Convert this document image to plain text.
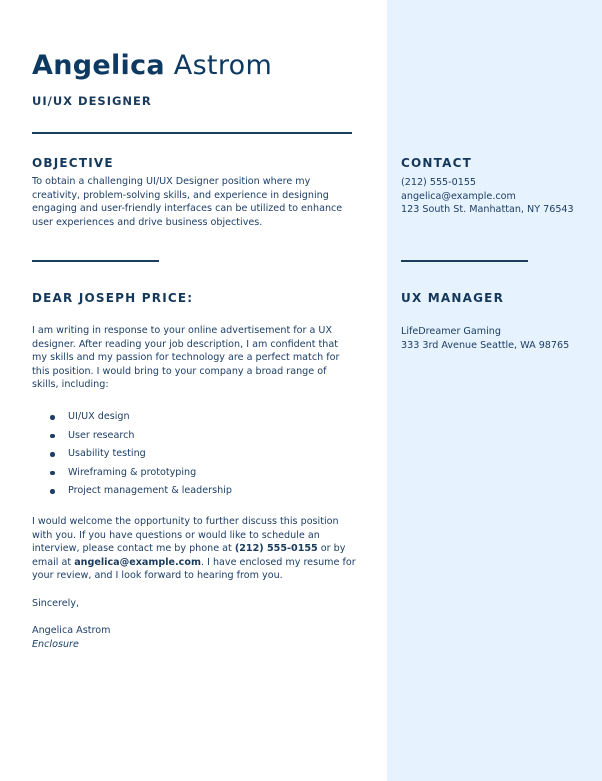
Angelica Astrom
UI/UX DESIGNER
OBJECTIVE
To obtain a challenging UI/UX Designer position where my
creativity, problem-solving skills, and experience in designing
engaging and user-friendly interfaces can be utilized to enhance
user experiences and drive business objectives.
CONTACT
(212) 555-0155
angelica@example.com
123 South St. Manhattan, NY 76543
DEAR JOSEPH PRICE:	UX MANAGER
LifeDreamer Gaming
333 3rd Avenue Seattle, WA 98765
I am writing in response to your online advertisement for a UX
designer. After reading your job description, I am confident that
my skills and my passion for technology are a perfect match for
this position. I would bring to your company a broad range of
skills, including:
UI/UX design
User research
Usability testing
Wireframing & prototyping
Project management & leadership
I would welcome the opportunity to further discuss this position
with you. If you have questions or would like to schedule an
interview, please contact me by phone at (212) 555-0155 or by
email at angelica@example.com. I have enclosed my resume for
your review, and I look forward to hearing from you.
Sincerely,
Angelica Astrom
Enclosure
